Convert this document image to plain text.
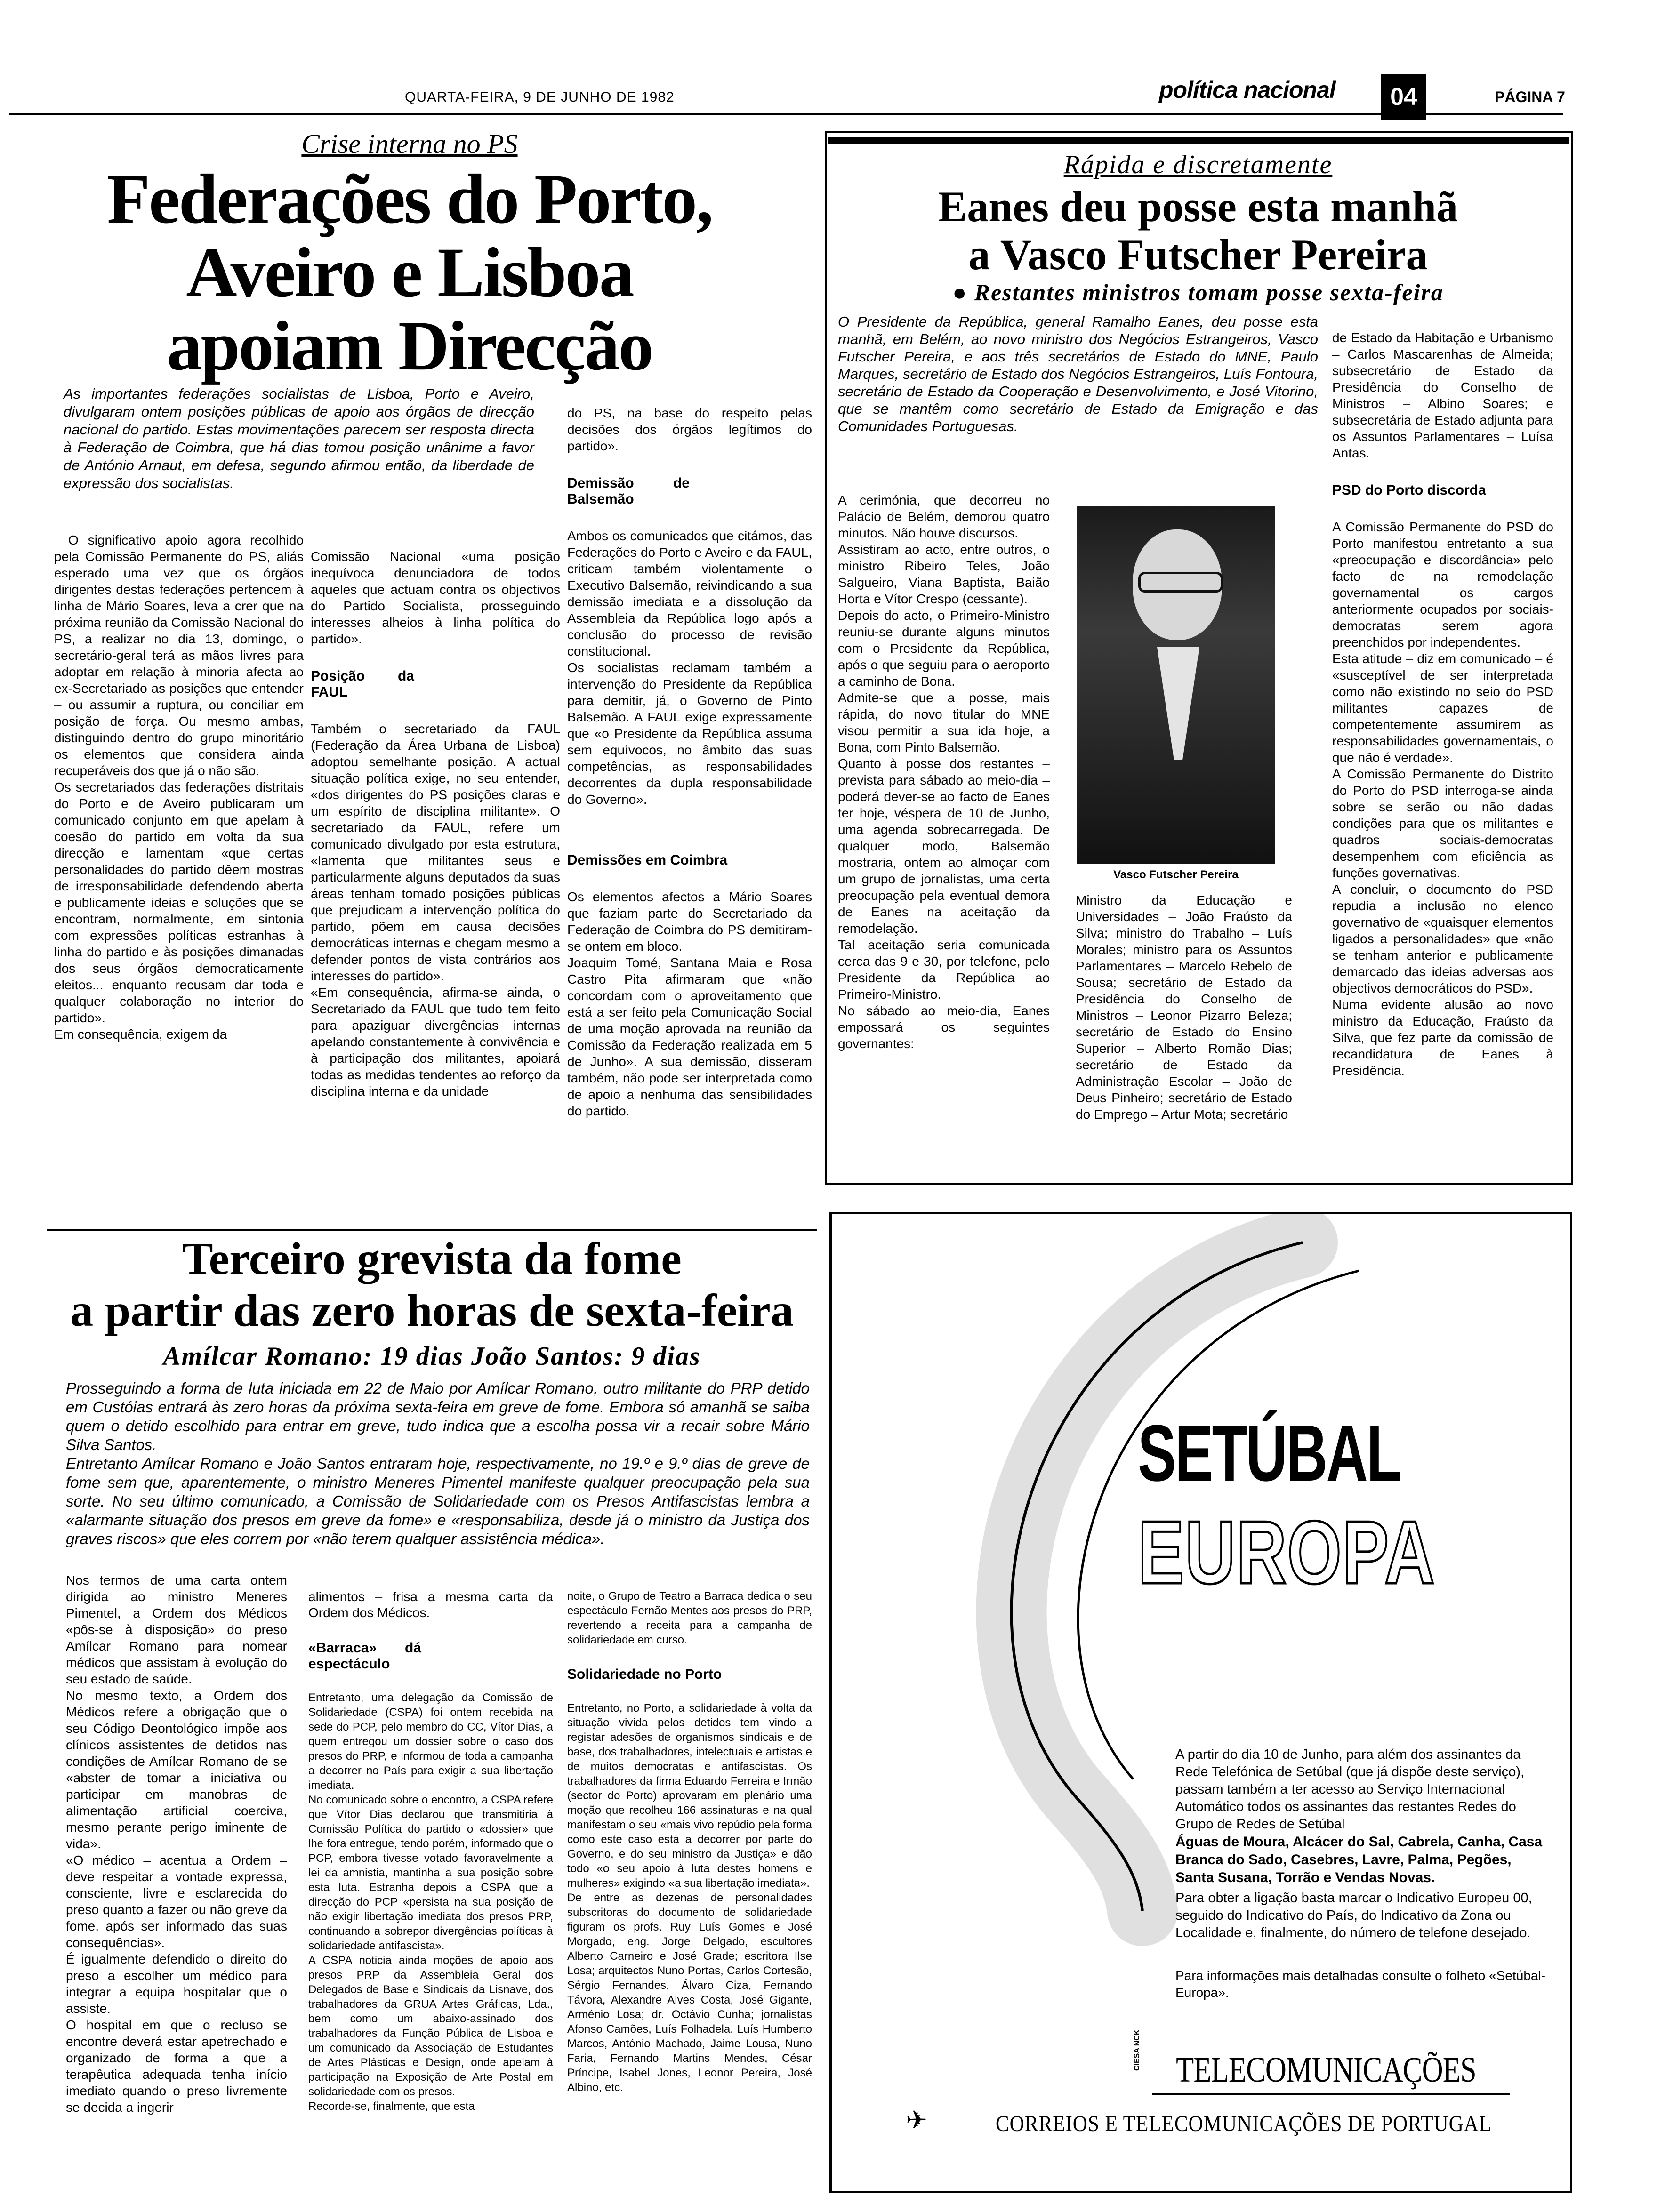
QUARTA-FEIRA, 9 DE JUNHO DE 1982	política nacional	04	PÁGINA 7
Crise interna no PS
Federações do Porto,
Aveiro e Lisboa
apoiam Direcção
As importantes federações socialistas de Lisboa, Porto e Aveiro, divulgaram ontem posições públicas de apoio aos órgãos de direcção nacional do partido. Estas movimentações parecem ser resposta directa à Federação de Coimbra, que há dias tomou posição unânime a favor de António Arnaut, em defesa, segundo afirmou então, da liberdade de expressão dos socialistas.
O significativo apoio agora recolhido pela Comissão Permanente do PS, aliás esperado uma vez que os órgãos dirigentes destas federações pertencem à linha de Mário Soares, leva a crer que na próxima reunião da Comissão Nacional do PS, a realizar no dia 13, domingo, o secretário-geral terá as mãos livres para adoptar em relação à minoria afecta ao ex-Secretariado as posições que entender – ou assumir a ruptura, ou conciliar em posição de força. Ou mesmo ambas, distinguindo dentro do grupo minoritário os elementos que considera ainda recuperáveis dos que já o não são.
Os secretariados das federações distritais do Porto e de Aveiro publicaram um comunicado conjunto em que apelam à coesão do partido em volta da sua direcção e lamentam «que certas personalidades do partido dêem mostras de irresponsabilidade defendendo aberta e publicamente ideias e soluções que se encontram, normalmente, em sintonia com expressões políticas estranhas à linha do partido e às posições dimanadas dos seus órgãos democraticamente eleitos... enquanto recusam dar toda e qualquer colaboração no interior do partido».
Em consequência, exigem da

Comissão Nacional «uma posição inequívoca denunciadora de todos aqueles que actuam contra os objectivos do Partido Socialista, prosseguindo interesses alheios à linha política do partido».

Posição da FAUL

Também o secretariado da FAUL (Federação da Área Urbana de Lisboa) adoptou semelhante posição. A actual situação política exige, no seu entender, «dos dirigentes do PS posições claras e um espírito de disciplina militante». O secretariado da FAUL, refere um comunicado divulgado por esta estrutura, «lamenta que militantes seus e particularmente alguns deputados da suas áreas tenham tomado posições públicas que prejudicam a intervenção política do partido, põem em causa decisões democráticas internas e chegam mesmo a defender pontos de vista contrários aos interesses do partido».
«Em consequência, afirma-se ainda, o Secretariado da FAUL que tudo tem feito para apaziguar divergências internas apelando constantemente à convivência e à participação dos militantes, apoiará todas as medidas tendentes ao reforço da disciplina interna e da unidade

do PS, na base do respeito pelas decisões dos órgãos legítimos do partido».

Demissão de Balsemão

Ambos os comunicados que citámos, das Federações do Porto e Aveiro e da FAUL, criticam também violentamente o Executivo Balsemão, reivindicando a sua demissão imediata e a dissolução da Assembleia da República logo após a conclusão do processo de revisão constitucional.
Os socialistas reclamam também a intervenção do Presidente da República para demitir, já, o Governo de Pinto Balsemão. A FAUL exige expressamente que «o Presidente da República assuma sem equívocos, no âmbito das suas competências, as responsabilidades decorrentes da dupla responsabilidade do Governo».

Demissões em Coimbra

Os elementos afectos a Mário Soares que faziam parte do Secretariado da Federação de Coimbra do PS demitiram-se ontem em bloco.
Joaquim Tomé, Santana Maia e Rosa Castro Pita afirmaram que «não concordam com o aproveitamento que está a ser feito pela Comunicação Social de uma moção aprovada na reunião da Comissão da Federação realizada em 5 de Junho». A sua demissão, disseram também, não pode ser interpretada como de apoio a nenhuma das sensibilidades do partido.

Rápida e discretamente
Eanes deu posse esta manhã
a Vasco Futscher Pereira
● Restantes ministros tomam posse sexta-feira
O Presidente da República, general Ramalho Eanes, deu posse esta manhã, em Belém, ao novo ministro dos Negócios Estrangeiros, Vasco Futscher Pereira, e aos três secretários de Estado do MNE, Paulo Marques, secretário de Estado dos Negócios Estrangeiros, Luís Fontoura, secretário de Estado da Cooperação e Desenvolvimento, e José Vitorino, que se mantêm como secretário de Estado da Emigração e das Comunidades Portuguesas.
A cerimónia, que decorreu no Palácio de Belém, demorou quatro minutos. Não houve discursos.
Assistiram ao acto, entre outros, o ministro Ribeiro Teles, João Salgueiro, Viana Baptista, Baião Horta e Vítor Crespo (cessante).
Depois do acto, o Primeiro-Ministro reuniu-se durante alguns minutos com o Presidente da República, após o que seguiu para o aeroporto a caminho de Bona.
Admite-se que a posse, mais rápida, do novo titular do MNE visou permitir a sua ida hoje, a Bona, com Pinto Balsemão.
Quanto à posse dos restantes – prevista para sábado ao meio-dia – poderá dever-se ao facto de Eanes ter hoje, véspera de 10 de Junho, uma agenda sobrecarregada. De qualquer modo, Balsemão mostraria, ontem ao almoçar com um grupo de jornalistas, uma certa preocupação pela eventual demora de Eanes na aceitação da remodelação.
Tal aceitação seria comunicada cerca das 9 e 30, por telefone, pelo Presidente da República ao Primeiro-Ministro.
No sábado ao meio-dia, Eanes empossará os seguintes governantes:
Vasco Futscher Pereira
Ministro da Educação e Universidades – João Fraústo da Silva; ministro do Trabalho – Luís Morales; ministro para os Assuntos Parlamentares – Marcelo Rebelo de Sousa; secretário de Estado da Presidência do Conselho de Ministros – Leonor Pizarro Beleza; secretário de Estado do Ensino Superior – Alberto Romão Dias; secretário de Estado da Administração Escolar – João de Deus Pinheiro; secretário de Estado do Emprego – Artur Mota; secretário

de Estado da Habitação e Urbanismo – Carlos Mascarenhas de Almeida; subsecretário de Estado da Presidência do Conselho de Ministros – Albino Soares; e subsecretária de Estado adjunta para os Assuntos Parlamentares – Luísa Antas.

PSD do Porto discorda

A Comissão Permanente do PSD do Porto manifestou entretanto a sua «preocupação e discordância» pelo facto de na remodelação governamental os cargos anteriormente ocupados por sociais-democratas serem agora preenchidos por independentes.
Esta atitude – diz em comunicado – é «susceptível de ser interpretada como não existindo no seio do PSD militantes capazes de competentemente assumirem as responsabilidades governamentais, o que não é verdade».
A Comissão Permanente do Distrito do Porto do PSD interroga-se ainda sobre se serão ou não dadas condições para que os militantes e quadros sociais-democratas desempenhem com eficiência as funções governativas.
A concluir, o documento do PSD repudia a inclusão no elenco governativo de «quaisquer elementos ligados a personalidades» que «não se tenham anterior e publicamente demarcado das ideias adversas aos objectivos democráticos do PSD».
Numa evidente alusão ao novo ministro da Educação, Fraústo da Silva, que fez parte da comissão de recandidatura de Eanes à Presidência.

Terceiro grevista da fome
a partir das zero horas de sexta-feira
Amílcar Romano: 19 dias João Santos: 9 dias
Prosseguindo a forma de luta iniciada em 22 de Maio por Amílcar Romano, outro militante do PRP detido em Custóias entrará às zero horas da próxima sexta-feira em greve de fome. Embora só amanhã se saiba quem o detido escolhido para entrar em greve, tudo indica que a escolha possa vir a recair sobre Mário Silva Santos.
Entretanto Amílcar Romano e João Santos entraram hoje, respectivamente, no 19.º e 9.º dias de greve de fome sem que, aparentemente, o ministro Meneres Pimentel manifeste qualquer preocupação pela sua sorte. No seu último comunicado, a Comissão de Solidariedade com os Presos Antifascistas lembra a «alarmante situação dos presos em greve da fome» e «responsabiliza, desde já o ministro da Justiça dos graves riscos» que eles correm por «não terem qualquer assistência médica».
Nos termos de uma carta ontem dirigida ao ministro Meneres Pimentel, a Ordem dos Médicos «pôs-se à disposição» do preso Amílcar Romano para nomear médicos que assistam à evolução do seu estado de saúde.
No mesmo texto, a Ordem dos Médicos refere a obrigação que o seu Código Deontológico impõe aos clínicos assistentes de detidos nas condições de Amílcar Romano de se «abster de tomar a iniciativa ou participar em manobras de alimentação artificial coerciva, mesmo perante perigo iminente de vida».
«O médico – acentua a Ordem – deve respeitar a vontade expressa, consciente, livre e esclarecida do preso quanto a fazer ou não greve da fome, após ser informado das suas consequências».
É igualmente defendido o direito do preso a escolher um médico para integrar a equipa hospitalar que o assiste.
O hospital em que o recluso se encontre deverá estar apetrechado e organizado de forma a que a terapêutica adequada tenha início imediato quando o preso livremente se decida a ingerir

alimentos – frisa a mesma carta da Ordem dos Médicos.

«Barraca» dá espectáculo

Entretanto, uma delegação da Comissão de Solidariedade (CSPA) foi ontem recebida na sede do PCP, pelo membro do CC, Vítor Dias, a quem entregou um dossier sobre o caso dos presos do PRP, e informou de toda a campanha a decorrer no País para exigir a sua libertação imediata.
No comunicado sobre o encontro, a CSPA refere que Vítor Dias declarou que transmitiria à Comissão Política do partido o «dossier» que lhe fora entregue, tendo porém, informado que o PCP, embora tivesse votado favoravelmente a lei da amnistia, mantinha a sua posição sobre esta luta. Estranha depois a CSPA que a direcção do PCP «persista na sua posição de não exigir libertação imediata dos presos PRP, continuando a sobrepor divergências políticas à solidariedade antifascista».
A CSPA noticia ainda moções de apoio aos presos PRP da Assembleia Geral dos Delegados de Base e Sindicais da Lisnave, dos trabalhadores da GRUA Artes Gráficas, Lda., bem como um abaixo-assinado dos trabalhadores da Função Pública de Lisboa e um comunicado da Associação de Estudantes de Artes Plásticas e Design, onde apelam à participação na Exposição de Arte Postal em solidariedade com os presos.
Recorde-se, finalmente, que esta

noite, o Grupo de Teatro a Barraca dedica o seu espectáculo Fernão Mentes aos presos do PRP, revertendo a receita para a campanha de solidariedade em curso.

Solidariedade no Porto

Entretanto, no Porto, a solidariedade à volta da situação vivida pelos detidos tem vindo a registar adesões de organismos sindicais e de base, dos trabalhadores, intelectuais e artistas e de muitos democratas e antifascistas. Os trabalhadores da firma Eduardo Ferreira e Irmão (sector do Porto) aprovaram em plenário uma moção que recolheu 166 assinaturas e na qual manifestam o seu «mais vivo repúdio pela forma como este caso está a decorrer por parte do Governo, e do seu ministro da Justiça» e dão todo «o seu apoio à luta destes homens e mulheres» exigindo «a sua libertação imediata».
De entre as dezenas de personalidades subscritoras do documento de solidariedade figuram os profs. Ruy Luís Gomes e José Morgado, eng. Jorge Delgado, escultores Alberto Carneiro e José Grade; escritora Ilse Losa; arquitectos Nuno Portas, Carlos Cortesão, Sérgio Fernandes, Álvaro Ciza, Fernando Távora, Alexandre Alves Costa, José Gigante, Arménio Losa; dr. Octávio Cunha; jornalistas Afonso Camões, Luís Folhadela, Luís Humberto Marcos, António Machado, Jaime Lousa, Nuno Faria, Fernando Martins Mendes, César Príncipe, Isabel Jones, Leonor Pereira, José Albino, etc.

SETÚBAL
EUROPA
A partir do dia 10 de Junho, para além dos assinantes da Rede Telefónica de Setúbal (que já dispõe deste serviço), passam também a ter acesso ao Serviço Internacional Automático todos os assinantes das restantes Redes do Grupo de Redes de Setúbal
Águas de Moura, Alcácer do Sal, Cabrela, Canha, Casa Branca do Sado, Casebres, Lavre, Palma, Pegões, Santa Susana, Torrão e Vendas Novas.
Para obter a ligação basta marcar o Indicativo Europeu 00, seguido do Indicativo do País, do Indicativo da Zona ou Localidade e, finalmente, do número de telefone desejado.
Para informações mais detalhadas consulte o folheto «Setúbal-Europa».
CIESA NCK TELECOMUNICAÇÕES
✈	CORREIOS E TELECOMUNICAÇÕES DE PORTUGAL
